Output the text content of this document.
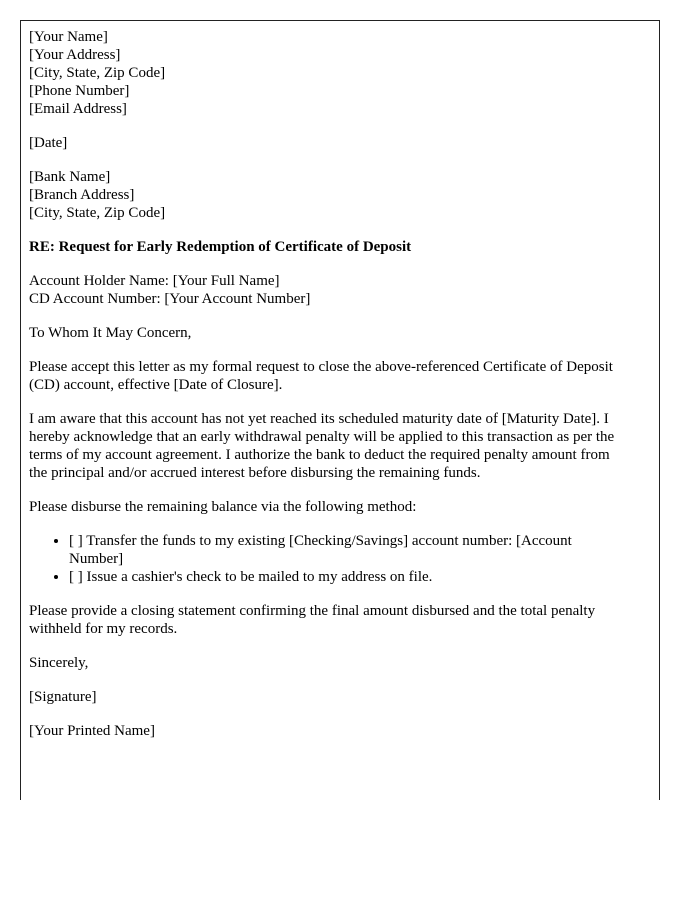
[Your Name]
[Your Address]
[City, State, Zip Code]
[Phone Number]
[Email Address]
[Date]
[Bank Name]
[Branch Address]
[City, State, Zip Code]
RE: Request for Early Redemption of Certificate of Deposit
Account Holder Name: [Your Full Name]
CD Account Number: [Your Account Number]

To Whom It May Concern,

Please accept this letter as my formal request to close the above-referenced Certificate of Deposit (CD) account, effective [Date of Closure].

I am aware that this account has not yet reached its scheduled maturity date of [Maturity Date]. I hereby acknowledge that an early withdrawal penalty will be applied to this transaction as per the terms of my account agreement. I authorize the bank to deduct the required penalty amount from the principal and/or accrued interest before disbursing the remaining funds.

Please disburse the remaining balance via the following method:

• [ ] Transfer the funds to my existing [Checking/Savings] account number: [Account Number]
• [ ] Issue a cashier's check to be mailed to my address on file.

Please provide a closing statement confirming the final amount disbursed and the total penalty withheld for my records.

Sincerely,

[Signature]

[Your Printed Name]
